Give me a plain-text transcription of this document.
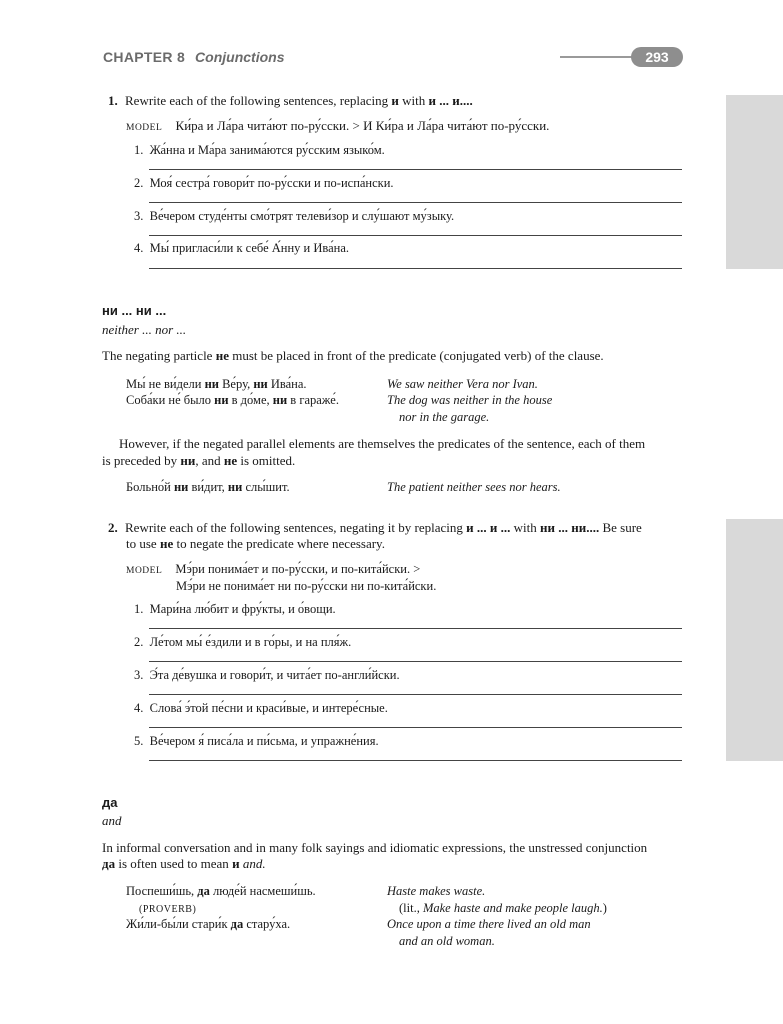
CHAPTER 8 Conjunctions	293
1. Rewrite each of the following sentences, replacing и with и ... и....
MODEL Ки́ра и Ла́ра чита́ют по-ру́сски. > И Ки́ра и Ла́ра чита́ют по-ру́сски.
1. Жа́нна и Ма́ра занима́ются ру́сским языко́м.
2. Моя́ сестра́ говори́т по-ру́сски и по-испа́нски.
3. Ве́чером студе́нты смо́трят телеви́зор и слу́шают му́зыку.
4. Мы́ пригласи́ли к себе́ А́нну и Ива́на.
ни ... ни ...
neither ... nor ...
The negating particle не must be placed in front of the predicate (conjugated verb) of the clause.
Мы́ не ви́дели ни Ве́ру, ни Ива́на.	We saw neither Vera nor Ivan.
Соба́ки не́ было ни в до́ме, ни в гараже́.	The dog was neither in the house
nor in the garage.
However, if the negated parallel elements are themselves the predicates of the sentence, each of them
is preceded by ни, and не is omitted.
Больно́й ни ви́дит, ни слы́шит.	The patient neither sees nor hears.
2. Rewrite each of the following sentences, negating it by replacing и ... и ... with ни ... ни.... Be sure
to use не to negate the predicate where necessary.
MODEL Мэ́ри понима́ет и по-ру́сски, и по-кита́йски. >
Мэ́ри не понима́ет ни по-ру́сски ни по-кита́йски.
1. Мари́на лю́бит и фру́кты, и о́вощи.
2. Ле́том мы́ е́здили и в го́ры, и на пля́ж.
3. Э́та де́вушка и говори́т, и чита́ет по-англи́йски.
4. Слова́ э́той пе́сни и краси́вые, и интере́сные.
5. Ве́чером я́ писа́ла и пи́сьма, и упражне́ния.
да
and
In informal conversation and in many folk sayings and idiomatic expressions, the unstressed conjunction
да is often used to mean и and.
Поспеши́шь, да люде́й насмеши́шь.	Haste makes waste.
(PROVERB)	(lit., Make haste and make people laugh.)
Жи́ли-бы́ли стари́к да стару́ха.	Once upon a time there lived an old man
and an old woman.
